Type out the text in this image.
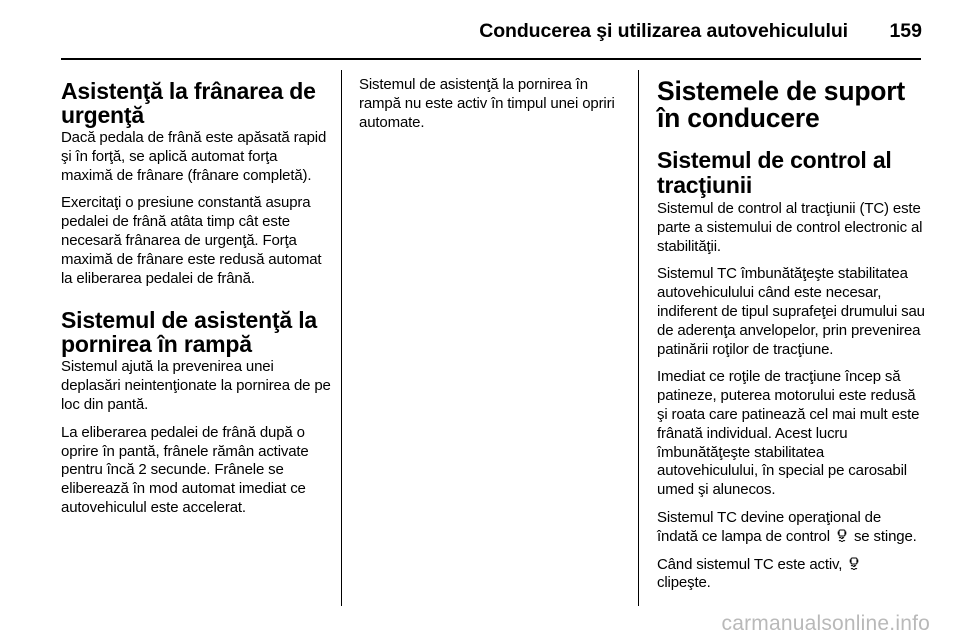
Conducerea şi utilizarea autovehiculului 159

Asistenţă la frânarea de urgenţă

Dacă pedala de frână este apăsată rapid şi în forţă, se aplică automat forţa maximă de frânare (frânare completă).

Exercitaţi o presiune constantă asupra pedalei de frână atâta timp cât este necesară frânarea de urgenţă. Forţa maximă de frânare este redusă automat la eliberarea pedalei de frână.

Sistemul de asistenţă la pornirea în rampă

Sistemul ajută la prevenirea unei deplasări neintenţionate la pornirea de pe loc din pantă.

La eliberarea pedalei de frână după o oprire în pantă, frânele rămân activate pentru încă 2 secunde. Frânele se eliberează în mod automat imediat ce autovehiculul este accelerat.

Sistemul de asistenţă la pornirea în rampă nu este activ în timpul unei opriri automate.

Sistemele de suport în conducere

Sistemul de control al tracţiunii

Sistemul de control al tracţiunii (TC) este parte a sistemului de control electronic al stabilităţii.

Sistemul TC îmbunătăţeşte stabilitatea autovehiculului când este necesar, indiferent de tipul suprafeţei drumului sau de aderenţa anvelopelor, prin prevenirea patinării roţilor de tracţiune.

Imediat ce roţile de tracţiune încep să patineze, puterea motorului este redusă şi roata care patinează cel mai mult este frânată individual. Acest lucru îmbunătăţeşte stabilitatea autovehiculului, în special pe carosabil umed şi alunecos.

Sistemul TC devine operaţional de îndată ce lampa de control se stinge.

Când sistemul TC este activ,
clipeşte.

carmanualsonline.info
